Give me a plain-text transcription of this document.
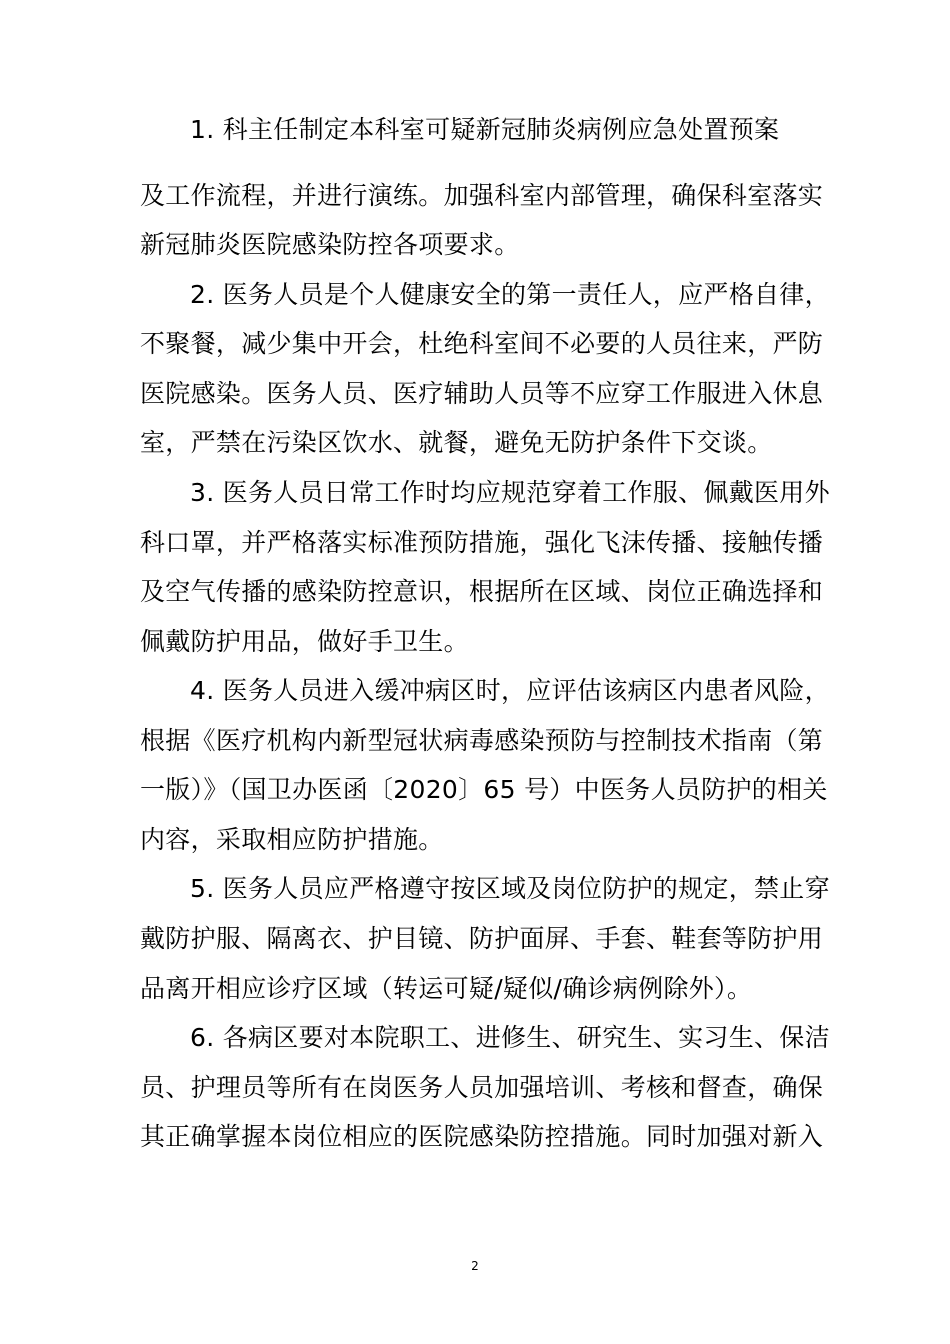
1. 科主任制定本科室可疑新冠肺炎病例应急处置预案
及工作流程，并进行演练。加强科室内部管理，确保科室落实
新冠肺炎医院感染防控各项要求。
2. 医务人员是个人健康安全的第一责任人，应严格自律，
不聚餐，减少集中开会，杜绝科室间不必要的人员往来，严防
医院感染。医务人员、医疗辅助人员等不应穿工作服进入休息
室，严禁在污染区饮水、就餐，避免无防护条件下交谈。
3. 医务人员日常工作时均应规范穿着工作服、佩戴医用外
科口罩，并严格落实标准预防措施，强化飞沫传播、接触传播
及空气传播的感染防控意识，根据所在区域、岗位正确选择和
佩戴防护用品，做好手卫生。
4. 医务人员进入缓冲病区时，应评估该病区内患者风险，
根据《医疗机构内新型冠状病毒感染预防与控制技术指南（第
一版）》（国卫办医函〔2020〕65 号）中医务人员防护的相关
内容，采取相应防护措施。
5. 医务人员应严格遵守按区域及岗位防护的规定，禁止穿
戴防护服、隔离衣、护目镜、防护面屏、手套、鞋套等防护用
品离开相应诊疗区域（转运可疑/疑似/确诊病例除外）。
6. 各病区要对本院职工、进修生、研究生、实习生、保洁
员、护理员等所有在岗医务人员加强培训、考核和督查，确保
其正确掌握本岗位相应的医院感染防控措施。同时加强对新入
2
